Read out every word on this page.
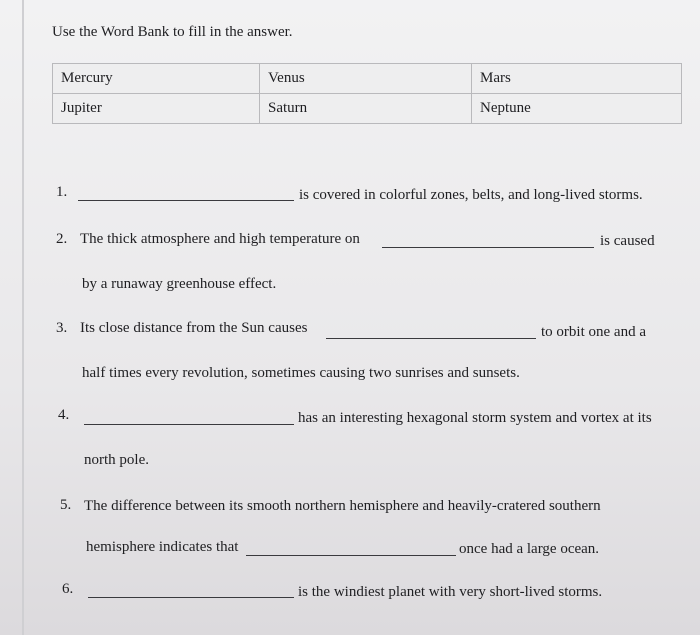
Use the Word Bank to fill in the answer.
Mercury	Venus	Mars
Jupiter	Saturn	Neptune
1.	is covered in colorful zones, belts, and long-lived storms.
2. The thick atmosphere and high temperature on	is caused
by a runaway greenhouse effect.
3. Its close distance from the Sun causes	to orbit one and a
half times every revolution, sometimes causing two sunrises and sunsets.
4.	has an interesting hexagonal storm system and vortex at its
north pole.
5. The difference between its smooth northern hemisphere and heavily-cratered southern
hemisphere indicates that	once had a large ocean.
6.	is the windiest planet with very short-lived storms.
